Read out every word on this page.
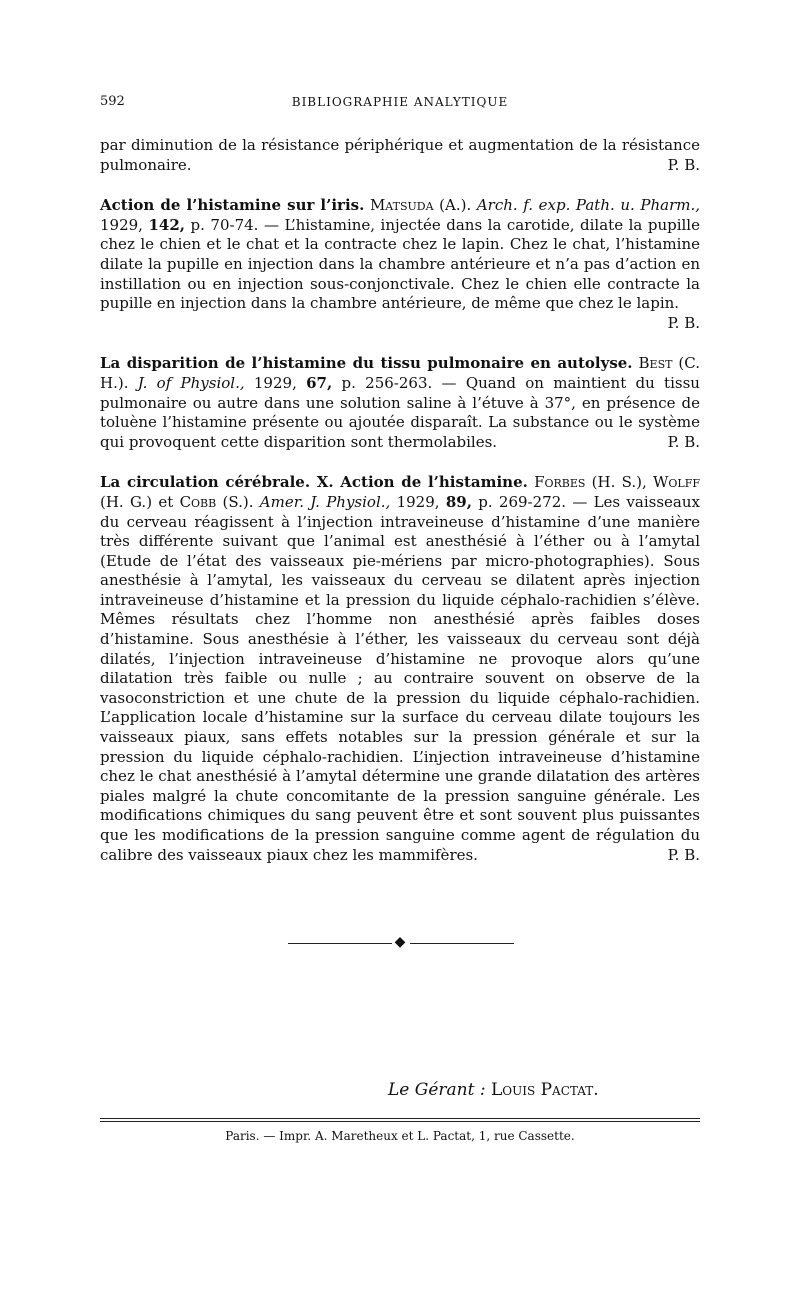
592	BIBLIOGRAPHIE ANALYTIQUE

par diminution de la résistance périphérique et augmentation de la résistance pulmonaire.	P. B.

Action de l’histamine sur l’iris. Matsuda (A.). Arch. f. exp. Path. u. Pharm., 1929, 142, p. 70-74. — L’histamine, injectée dans la carotide, dilate la pupille chez le chien et le chat et la contracte chez le lapin. Chez le chat, l’histamine dilate la pupille en injection dans la chambre antérieure et n’a pas d’action en instillation ou en injection sous-conjonctivale. Chez le chien elle contracte la pupille en injection dans la chambre antérieure, de même que chez le lapin.
P. B.
La disparition de l’histamine du tissu pulmonaire en autolyse. Best (C. H.). J. of Physiol., 1929, 67, p. 256-263. — Quand on maintient du tissu pulmonaire ou autre dans une solution saline à l’étuve à 37°, en présence de toluène l’histamine présente ou ajoutée disparaît. La substance ou le système qui provoquent cette disparition sont thermolabiles.	P. B.
La circulation cérébrale. X. Action de l’histamine. Forbes (H. S.), Wolff (H. G.) et Cobb (S.). Amer. J. Physiol., 1929, 89, p. 269-272. — Les vaisseaux du cerveau réagissent à l’injection intraveineuse d’histamine d’une manière très différente suivant que l’animal est anesthésié à l’éther ou à l’amytal (Etude de l’état des vaisseaux pie-mériens par micro-photographies). Sous anesthésie à l’amytal, les vaisseaux du cerveau se dilatent après injection intraveineuse d’histamine et la pression du liquide céphalo-rachidien s’élève. Mêmes résultats chez l’homme non anesthésié après faibles doses d’histamine. Sous anesthésie à l’éther, les vaisseaux du cerveau sont déjà dilatés, l’injection intraveineuse d’histamine ne provoque alors qu’une dilatation très faible ou nulle ; au contraire souvent on observe de la vasoconstriction et une chute de la pression du liquide céphalo-rachidien. L’application locale d’histamine sur la surface du cerveau dilate toujours les vaisseaux piaux, sans effets notables sur la pression générale et sur la pression du liquide céphalo-rachidien. L’injection intraveineuse d’histamine chez le chat anesthésié à l’amytal détermine une grande dilatation des artères piales malgré la chute concomitante de la pression sanguine générale. Les modifications chimiques du sang peuvent être et sont souvent plus puissantes que les modifications de la pression sanguine comme agent de régulation du calibre des vaisseaux piaux chez les mammifères.	P. B.
◆
Le Gérant : Louis Pactat.
Paris. — Impr. A. Maretheux et L. Pactat, 1, rue Cassette.
